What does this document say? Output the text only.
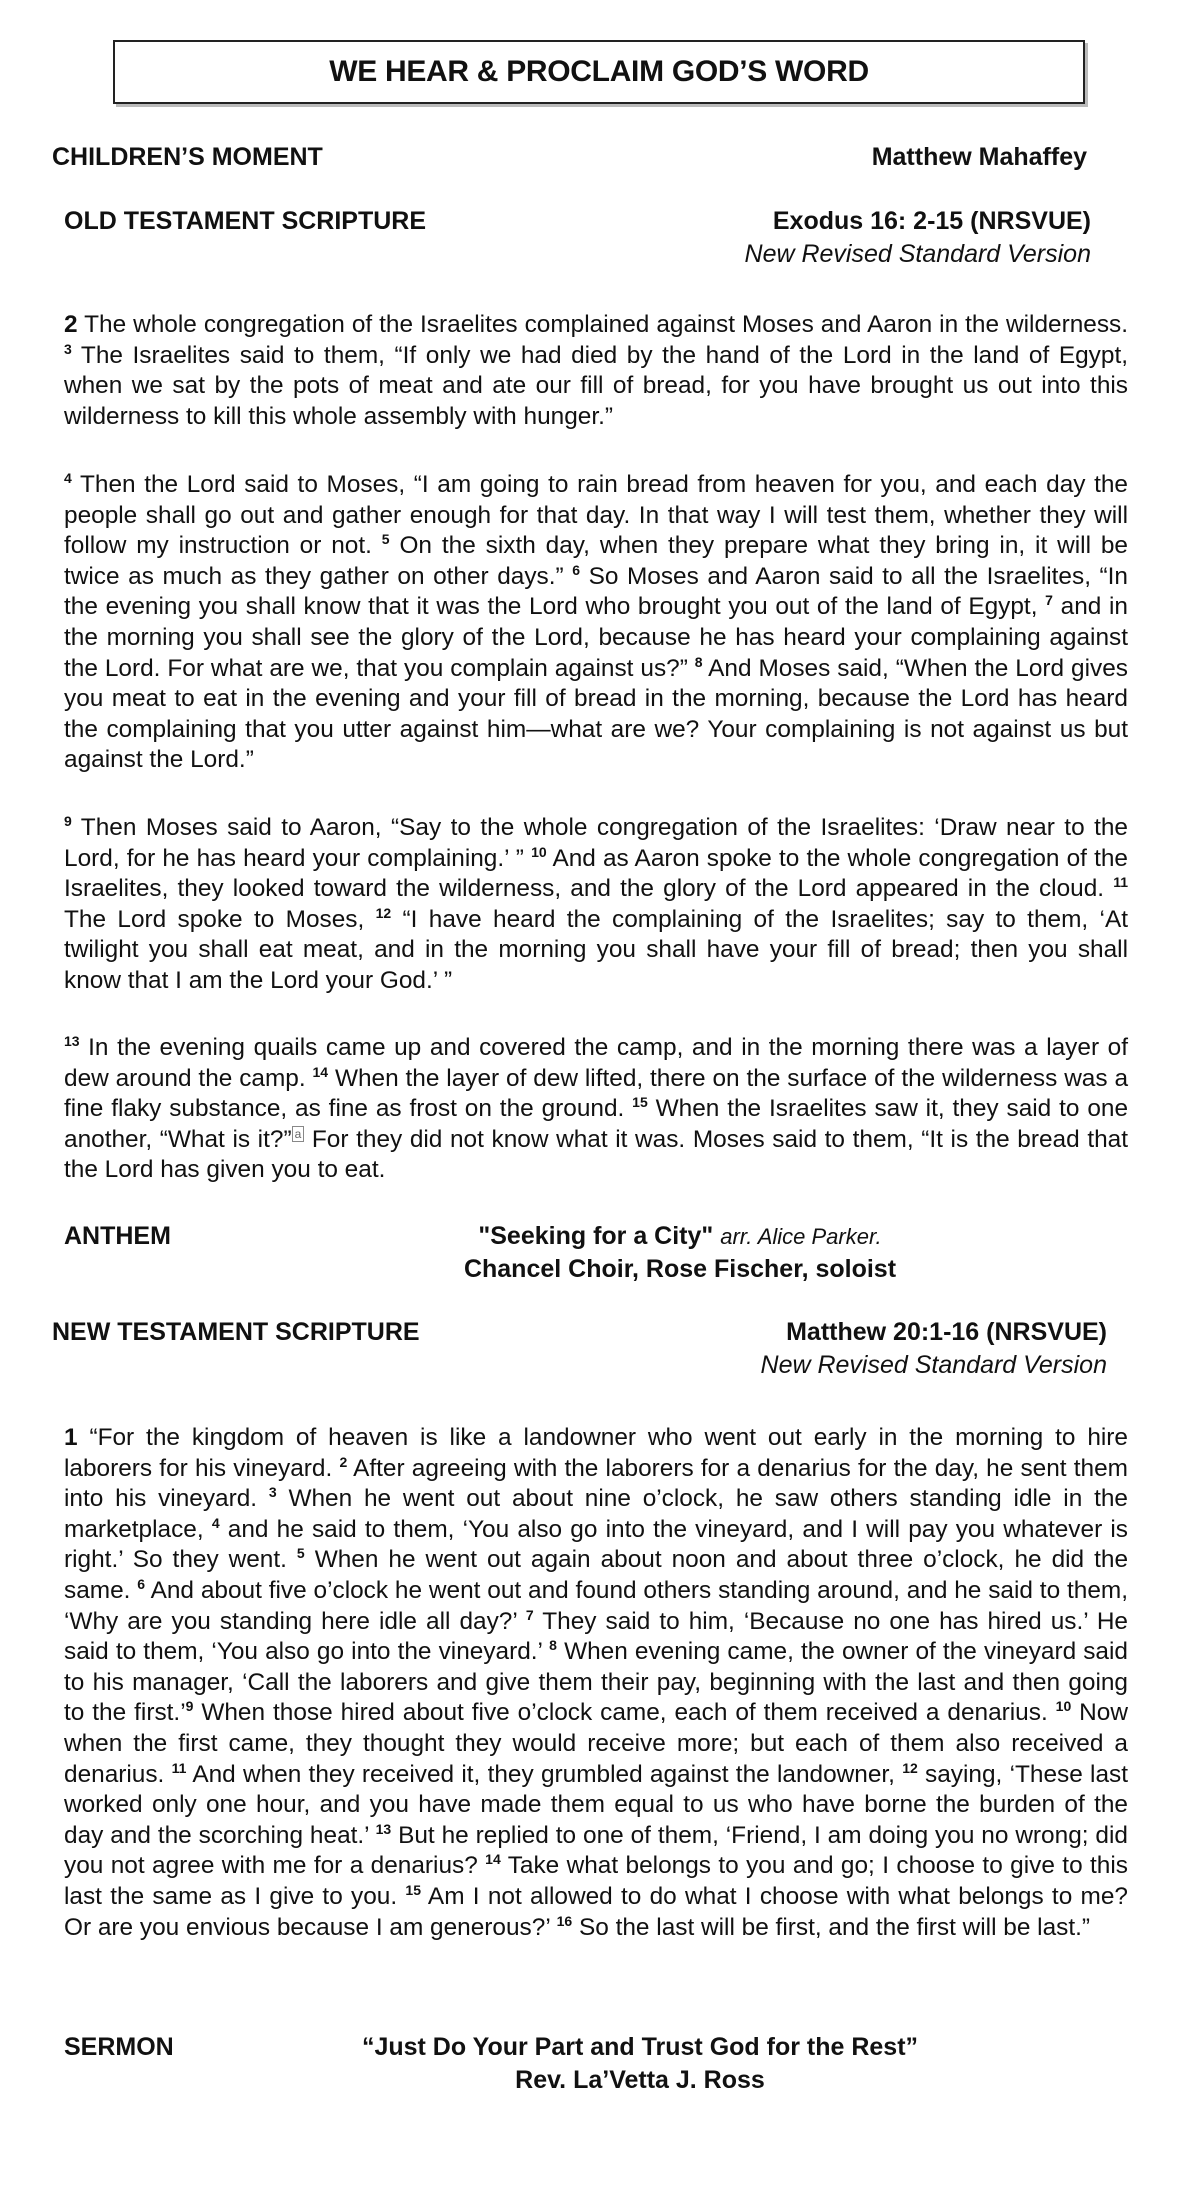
WE HEAR & PROCLAIM GOD’S WORD
CHILDREN’S MOMENT	Matthew Mahaffey
OLD TESTAMENT SCRIPTURE	Exodus 16: 2-15 (NRSVUE)
New Revised Standard Version
2 The whole congregation of the Israelites complained against Moses and Aaron in the wilderness. $^3$ The Israelites said to them, “If only we had died by the hand of the Lord in the land of Egypt, when we sat by the pots of meat and ate our fill of bread, for you have brought us out into this wilderness to kill this whole assembly with hunger.”
$^4$ Then the Lord said to Moses, “I am going to rain bread from heaven for you, and each day the people shall go out and gather enough for that day. In that way I will test them, whether they will follow my instruction or not. $^5$ On the sixth day, when they prepare what they bring in, it will be twice as much as they gather on other days.” $^6$ So Moses and Aaron said to all the Israelites, “In the evening you shall know that it was the Lord who brought you out of the land of Egypt, $^7$ and in the morning you shall see the glory of the Lord, because he has heard your complaining against the Lord. For what are we, that you complain against us?” $^8$ And Moses said, “When the Lord gives you meat to eat in the evening and your fill of bread in the morning, because the Lord has heard the complaining that you utter against him—what are we? Your complaining is not against us but against the Lord.”
$^9$ Then Moses said to Aaron, “Say to the whole congregation of the Israelites: ‘Draw near to the Lord, for he has heard your complaining.’ ” $^{10}$ And as Aaron spoke to the whole congregation of the Israelites, they looked toward the wilderness, and the glory of the Lord appeared in the cloud. $^{11}$ The Lord spoke to Moses, $^{12}$ “I have heard the complaining of the Israelites; say to them, ‘At twilight you shall eat meat, and in the morning you shall have your fill of bread; then you shall know that I am the Lord your God.’ ”
$^{13}$ In the evening quails came up and covered the camp, and in the morning there was a layer of dew around the camp. $^{14}$ When the layer of dew lifted, there on the surface of the wilderness was a fine flaky substance, as fine as frost on the ground. $^{15}$ When the Israelites saw it, they said to one another, “What is it?” $^a$ For they did not know what it was. Moses said to them, “It is the bread that the Lord has given you to eat.
ANTHEM	"Seeking for a City" arr. Alice Parker.
Chancel Choir, Rose Fischer, soloist
NEW TESTAMENT SCRIPTURE	Matthew 20:1-16 (NRSVUE)
New Revised Standard Version
1 “For the kingdom of heaven is like a landowner who went out early in the morning to hire laborers for his vineyard. $^2$ After agreeing with the laborers for a denarius for the day, he sent them into his vineyard. $^3$ When he went out about nine o’clock, he saw others standing idle in the marketplace, $^4$ and he said to them, ‘You also go into the vineyard, and I will pay you whatever is right.’ So they went. $^5$ When he went out again about noon and about three o’clock, he did the same. $^6$ And about five o’clock he went out and found others standing around, and he said to them, ‘Why are you standing here idle all day?’ $^7$ They said to him, ‘Because no one has hired us.’ He said to them, ‘You also go into the vineyard.’ $^8$ When evening came, the owner of the vineyard said to his manager, ‘Call the laborers and give them their pay, beginning with the last and then going to the first.’$^9$ When those hired about five o’clock came, each of them received a denarius. $^{10}$ Now when the first came, they thought they would receive more; but each of them also received a denarius. $^{11}$ And when they received it, they grumbled against the landowner, $^{12}$ saying, ‘These last worked only one hour, and you have made them equal to us who have borne the burden of the day and the scorching heat.’ $^{13}$ But he replied to one of them, ‘Friend, I am doing you no wrong; did you not agree with me for a denarius? $^{14}$ Take what belongs to you and go; I choose to give to this last the same as I give to you. $^{15}$ Am I not allowed to do what I choose with what belongs to me? Or are you envious because I am generous?’ $^{16}$ So the last will be first, and the first will be last.”
SERMON	“Just Do Your Part and Trust God for the Rest”
Rev. La’Vetta J. Ross
